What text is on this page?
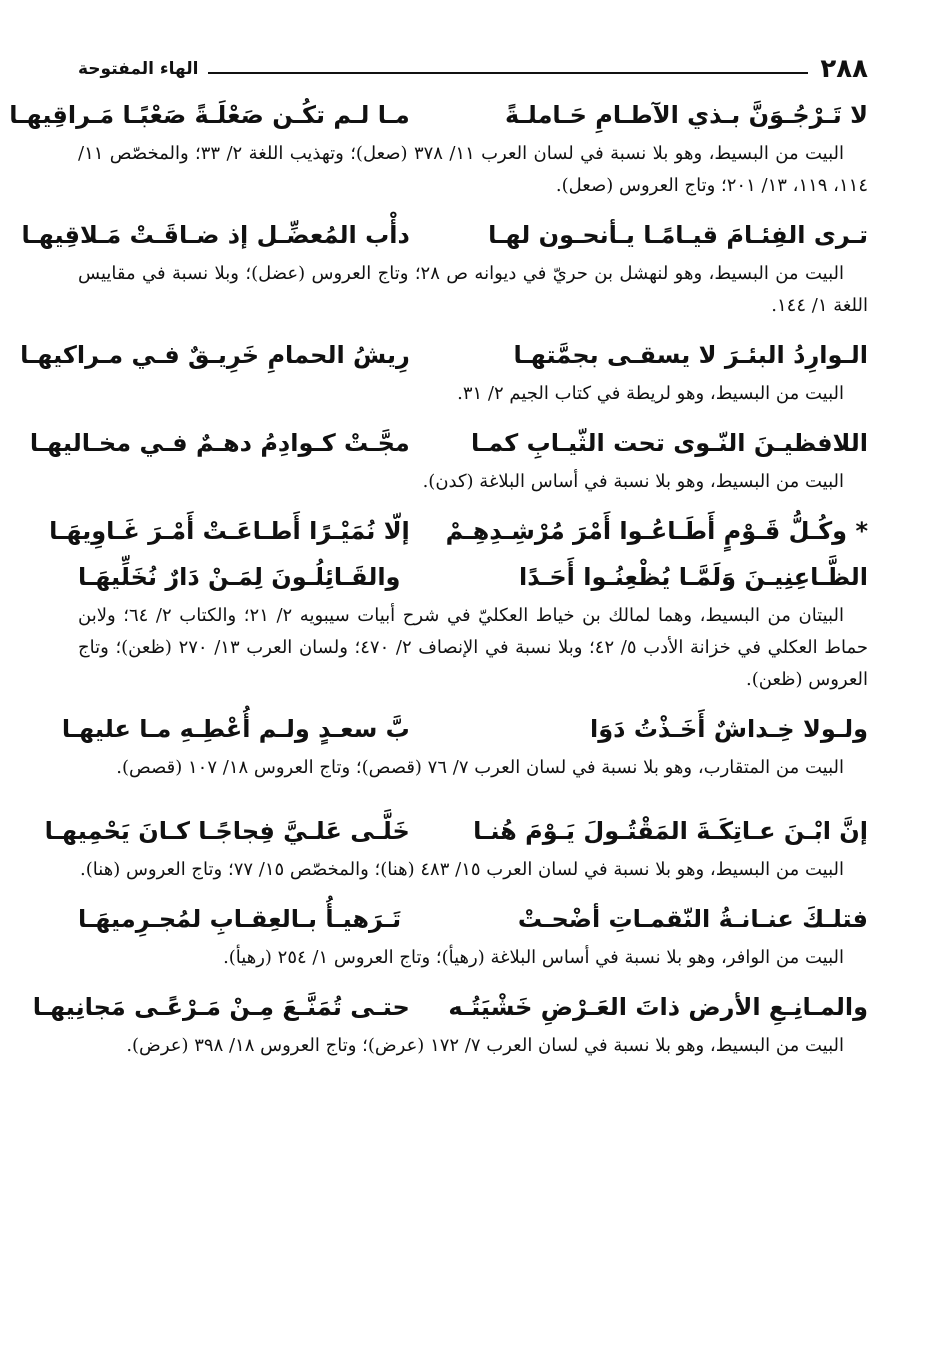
٢٨٨
الهاء المفتوحة
لا تَـرْجُـوَنَّ بـذي الآطـامِ حَـاملـةً
مـا لـم تكُـن صَعْلَـةً صَعْبًـا مَـراقِيهـا

البيت من البسيط، وهو بلا نسبة في لسان العرب ١١/ ٣٧٨ (صعل)؛ وتهذيب اللغة ٢/ ٣٣؛ والمخصّص ١١/ ١١٤، ١١٩، ١٣/ ٢٠١؛ وتاج العروس (صعل).

تـرى الفِئـامَ قيـامًـا يـأنحـون لهـا
دأْب المُعضِّـل إذ ضـاقَـتْ مَـلاقِيهـا

البيت من البسيط، وهو لنهشل بن حريّ في ديوانه ص ٢٨؛ وتاج العروس (عضل)؛ وبلا نسبة في مقاييس اللغة ١/ ١٤٤.

الـوارِدُ البئـرَ لا يسقـى بجمَّتهـا
رِيشُ الحمامِ خَرِيـقٌ فـي مـراكيهـا

البيت من البسيط، وهو لريطة في كتاب الجيم ٢/ ٣١.

اللافظيـنَ النّـوى تحت الثّيـابِ كمـا
مجَّـتْ كـوادِمُ دهـمٌ فـي مخـاليهـا

البيت من البسيط، وهو بلا نسبة في أساس البلاغة (كدن).

* وكُـلُّ قَـوْمٍ أَطَـاعُـوا أَمْرَ مُرْشِـدِهِـمْ
إلّا نُمَيْـرًا أَطـاعَـتْ أَمْـرَ غَـاوِيهَـا
الظَّـاعِنِيـنَ وَلَمَّـا يُظْعِنُـوا أَحَـدًا
والقَـائِلُـونَ لِمَـنْ دَارٌ نُخَلِّيهَـا

البيتان من البسيط، وهما لمالك بن خياط العكليّ في شرح أبيات سيبويه ٢/ ٢١؛ والكتاب ٢/ ٦٤؛ ولابن حماط العكلي في خزانة الأدب ٥/ ٤٢؛ وبلا نسبة في الإنصاف ٢/ ٤٧٠؛ ولسان العرب ١٣/ ٢٧٠ (ظعن)؛ وتاج العروس (ظعن).

ولـولا خِـداشٌ أَخَـذْتُ دَوَا
بَّ سعـدٍ ولـم أُعْطِـهِ مـا عليهـا

البيت من المتقارب، وهو بلا نسبة في لسان العرب ٧/ ٧٦ (قصص)؛ وتاج العروس ١٨/ ١٠٧ (قصص).

إنَّ ابْـنَ عـاتِكَـةَ المَقْتُـولَ يَـوْمَ هُنـا
خَلَّـى عَلـيَّ فِجاجًـا كـانَ يَحْمِيهـا

البيت من البسيط، وهو بلا نسبة في لسان العرب ١٥/ ٤٨٣ (هنا)؛ والمخصّص ١٥/ ٧٧؛ وتاج العروس (هنا).

فتلـكَ عنـانـةُ النّقمـاتِ أضْحـتْ
تَـرَهيـأُ بـالعِقـابِ لمُجـرِميهَـا

البيت من الوافر، وهو بلا نسبة في أساس البلاغة (رهيأ)؛ وتاج العروس ١/ ٢٥٤ (رهيأ).

والمـانِـعِ الأرض ذاتَ العَـرْضِ خَشْيَتُـه
حتـى تُمَنَّـعَ مِـنْ مَـرْعًـى مَجانِيهـا

البيت من البسيط، وهو بلا نسبة في لسان العرب ٧/ ١٧٢ (عرض)؛ وتاج العروس ١٨/ ٣٩٨ (عرض).
